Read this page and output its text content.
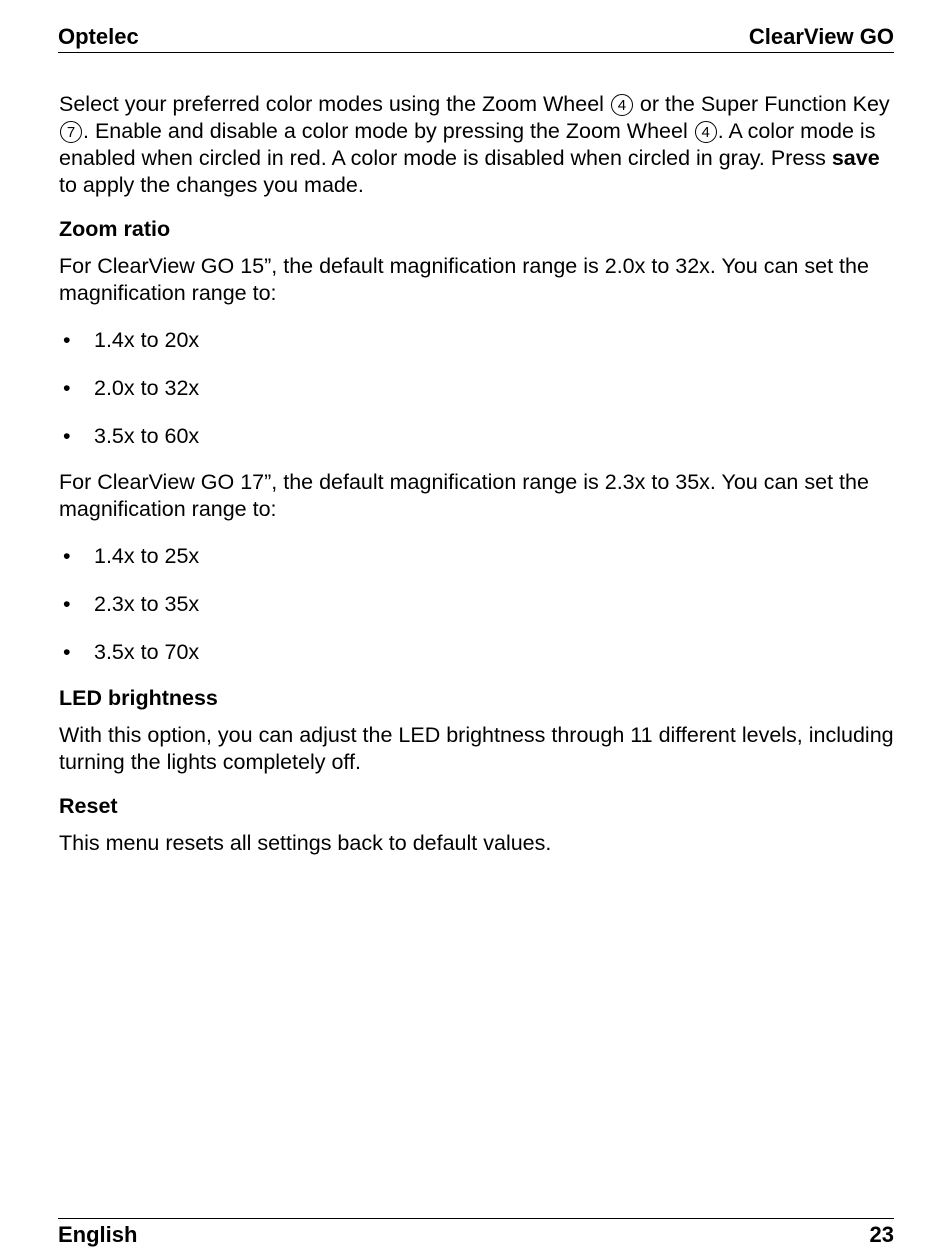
Optelec	ClearView GO

Select your preferred color modes using the Zoom Wheel 4 or the Super Function Key 7 . Enable and disable a color mode by pressing the Zoom Wheel 4 . A color mode is enabled when circled in red. A color mode is disabled when circled in gray. Press save to apply the changes you made.

Zoom ratio

For ClearView GO 15”, the default magnification range is 2.0x to 32x. You can set the magnification range to:

• 1.4x to 20x
• 2.0x to 32x
• 3.5x to 60x

For ClearView GO 17”, the default magnification range is 2.3x to 35x. You can set the magnification range to:

• 1.4x to 25x
• 2.3x to 35x
• 3.5x to 70x
LED brightness

With this option, you can adjust the LED brightness through 11 different levels, including turning the lights completely off.

Reset

This menu resets all settings back to default values.

English	23
